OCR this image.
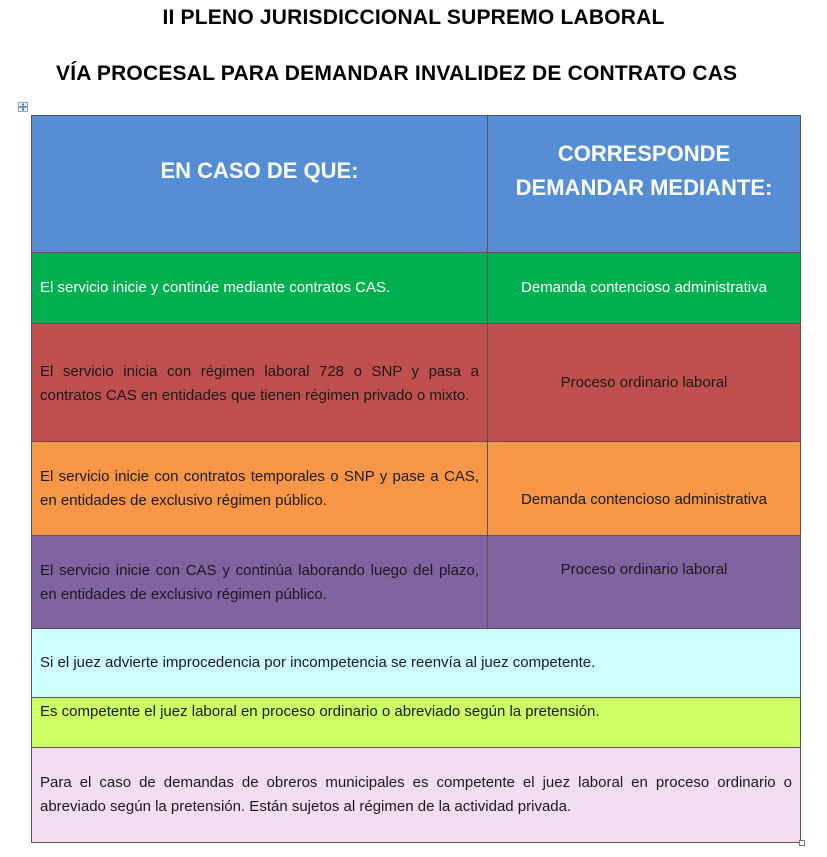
II PLENO JURISDICCIONAL SUPREMO LABORAL
VÍA PROCESAL PARA DEMANDAR INVALIDEZ DE CONTRATO CAS
EN CASO DE QUE:	CORRESPONDE DEMANDAR MEDIANTE:
El servicio inicie y continúe mediante contratos CAS.	Demanda contencioso administrativa
El servicio inicia con régimen laboral 728 o SNP y pasa a contratos CAS en entidades que tienen régimen privado o mixto.	Proceso ordinario laboral
El servicio inicie con contratos temporales o SNP y pase a CAS, en entidades de exclusivo régimen público.	Demanda contencioso administrativa
El servicio inicie con CAS y continúa laborando luego del plazo, en entidades de exclusivo régimen público.	Proceso ordinario laboral
Si el juez advierte improcedencia por incompetencia se reenvía al juez competente.	
Es competente el juez laboral en proceso ordinario o abreviado según la pretensión.	
Para el caso de demandas de obreros municipales es competente el juez laboral en proceso ordinario o abreviado según la pretensión. Están sujetos al régimen de la actividad privada.	
